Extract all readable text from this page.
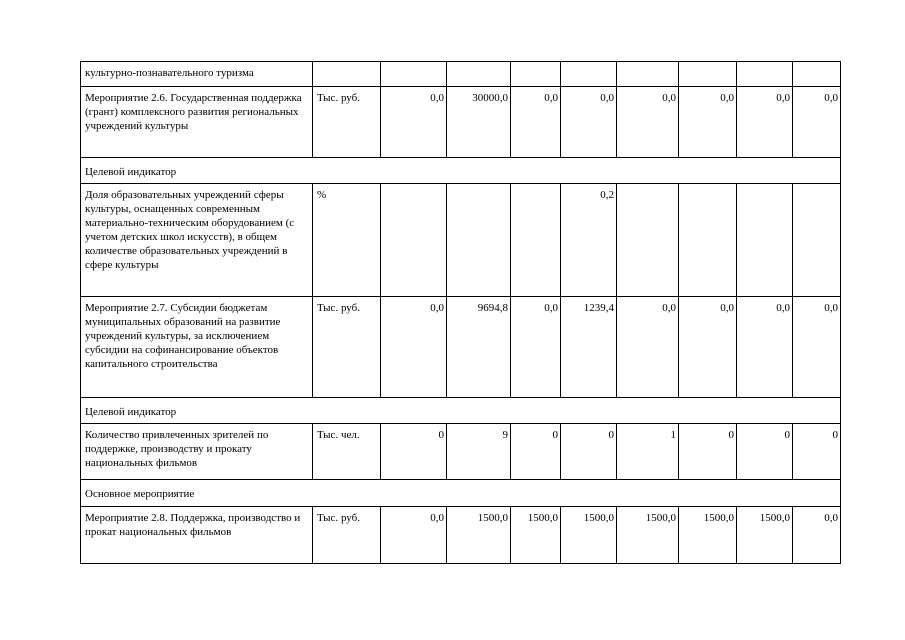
культурно-познавательного туризма									
Мероприятие 2.6. Государственная поддержка (грант) комплексного развития региональных учреждений культуры	Тыс. руб.	0,0	30000,0	0,0	0,0	0,0	0,0	0,0	0,0
Целевой индикатор									
Доля образовательных учреждений сферы культуры, оснащенных современным материально-техническим оборудованием (с учетом детских школ искусств), в общем количестве образовательных учреждений в сфере культуры	%				0,2				
Мероприятие 2.7. Субсидии бюджетам муниципальных образований на развитие учреждений культуры, за исключением субсидии на софинансирование объектов капитального строительства	Тыс. руб.	0,0	9694,8	0,0	1239,4	0,0	0,0	0,0	0,0
Целевой индикатор									
Количество привлеченных зрителей по поддержке, производству и прокату национальных фильмов	Тыс. чел.	0	9	0	0	1	0	0	0
Основное мероприятие									
Мероприятие 2.8. Поддержка, производство и прокат национальных фильмов	Тыс. руб.	0,0	1500,0	1500,0	1500,0	1500,0	1500,0	1500,0	0,0
